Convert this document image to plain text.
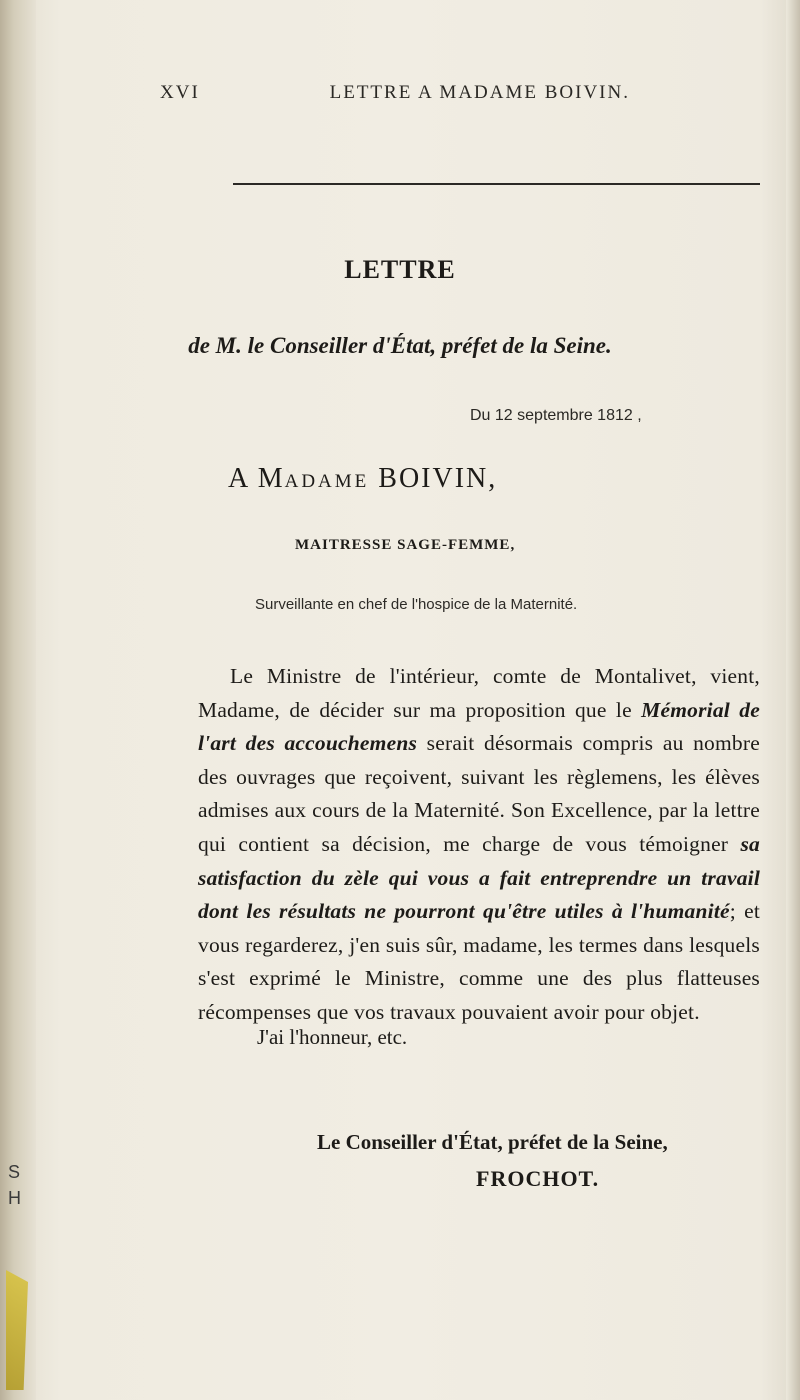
XVI	LETTRE A MADAME BOIVIN.
LETTRE
de M. le Conseiller d'État, préfet de la Seine.
Du 12 septembre 1812 ,
A MADAME BOIVIN,
MAITRESSE SAGE-FEMME,
Surveillante en chef de l'hospice de la Maternité.

Le Ministre de l'intérieur, comte de Montalivet, vient, Madame, de décider sur ma proposition que le Mémorial de l'art des accouchemens serait désormais compris au nombre des ouvrages que reçoivent, suivant les règlemens, les élèves admises aux cours de la Maternité. Son Excellence, par la lettre qui contient sa décision, me charge de vous témoigner sa satisfaction du zèle qui vous a fait entreprendre un travail dont les résultats ne pourront qu'être utiles à l'humanité; et vous regarderez, j'en suis sûr, madame, les termes dans lesquels s'est exprimé le Ministre, comme une des plus flatteuses récompenses que vos travaux pouvaient avoir pour objet.

J'ai l'honneur, etc.
Le Conseiller d'État, préfet de la Seine,
FROCHOT.
S
H
